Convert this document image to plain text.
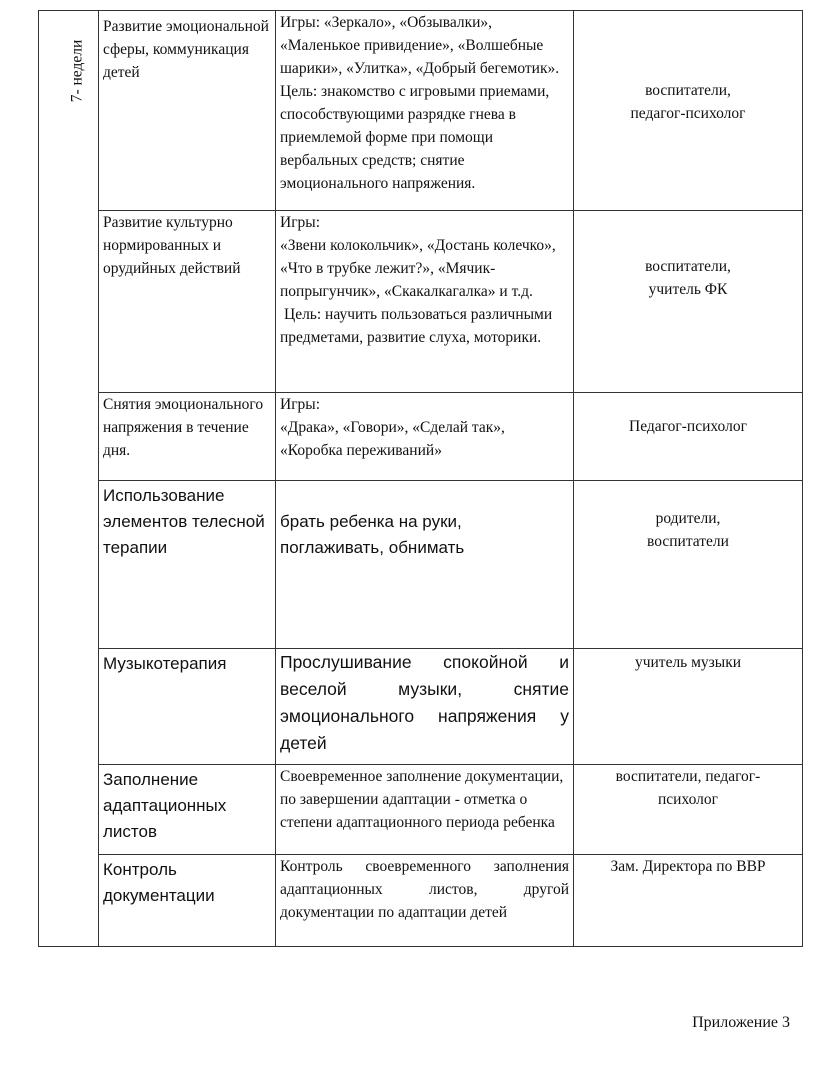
7- недели	Развитие эмоциональной сферы, коммуникация детей	Игры: «Зеркало», «Обзывалки», «Маленькое привидение», «Волшебные шарики», «Улитка», «Добрый бегемотик». Цель: знакомство с игровыми приемами, способствующими разрядке гнева в приемлемой форме при помощи вербальных средств; снятие эмоционального напряжения.	воспитатели,
педагог-психолог

	Развитие культурно нормированных и орудийных действий	Игры:
«Звени колокольчик», «Достань колечко», «Что в трубке лежит?», «Мячик-попрыгунчик», «Скакалкагалка» и т.д.
Цель: научить пользоваться различными предметами, развитие слуха, моторики.	воспитатели,
учитель ФК

	Снятия эмоционального напряжения в течение дня.	Игры:
«Драка», «Говори», «Сделай так», «Коробка переживаний»	Педагог-психолог

	Использование элементов телесной терапии	брать ребенка на руки, поглаживать, обнимать	родители,
воспитатели

	Музыкотерапия	Прослушивание спокойной и веселой музыки, снятие эмоционального напряжения у детей	учитель музыки

	Заполнение адаптационных листов	Своевременное заполнение документации, по завершении адаптации - отметка о степени адаптационного периода ребенка	воспитатели, педагог-
психолог

	Контроль документации	Контроль своевременного заполнения адаптационных листов, другой документации по адаптации детей	Зам. Директора по ВВР
Приложение 3
